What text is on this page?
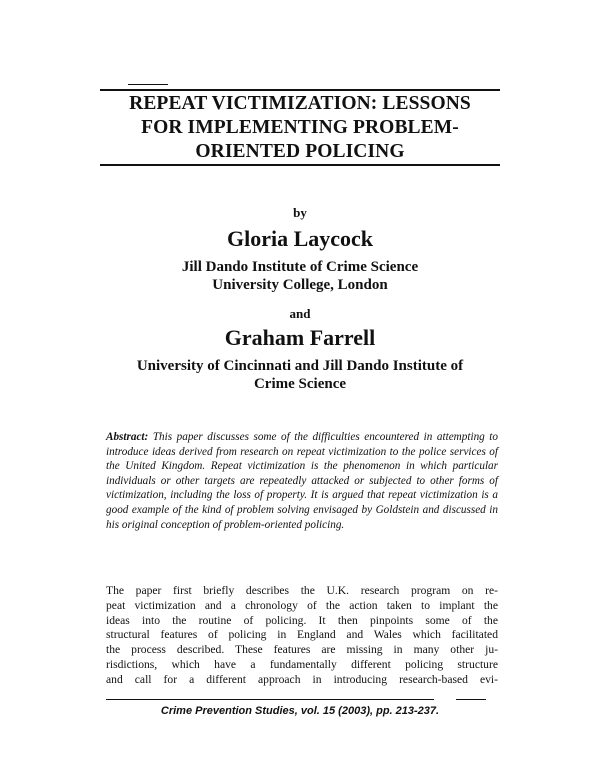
REPEAT VICTIMIZATION: LESSONS
FOR IMPLEMENTING PROBLEM-
ORIENTED POLICING
by
Gloria Laycock
Jill Dando Institute of Crime Science
University College, London
and
Graham Farrell
University of Cincinnati and Jill Dando Institute of
Crime Science
Abstract: This paper discusses some of the difficulties encountered in attempting to introduce ideas derived from research on repeat victimization to the police services of the United Kingdom. Repeat victimization is the phenomenon in which particular individuals or other targets are repeatedly attacked or subjected to other forms of victimization, including the loss of property. It is argued that repeat victimization is a good example of the kind of problem solving envisaged by Goldstein and discussed in his original conception of problem-oriented policing.
The paper first briefly describes the U.K. research program on re-
peat victimization and a chronology of the action taken to implant the
ideas into the routine of policing. It then pinpoints some of the
structural features of policing in England and Wales which facilitated
the process described. These features are missing in many other ju-
risdictions, which have a fundamentally different policing structure
and call for a different approach in introducing research-based evi-
Crime Prevention Studies, vol. 15 (2003), pp. 213-237.
